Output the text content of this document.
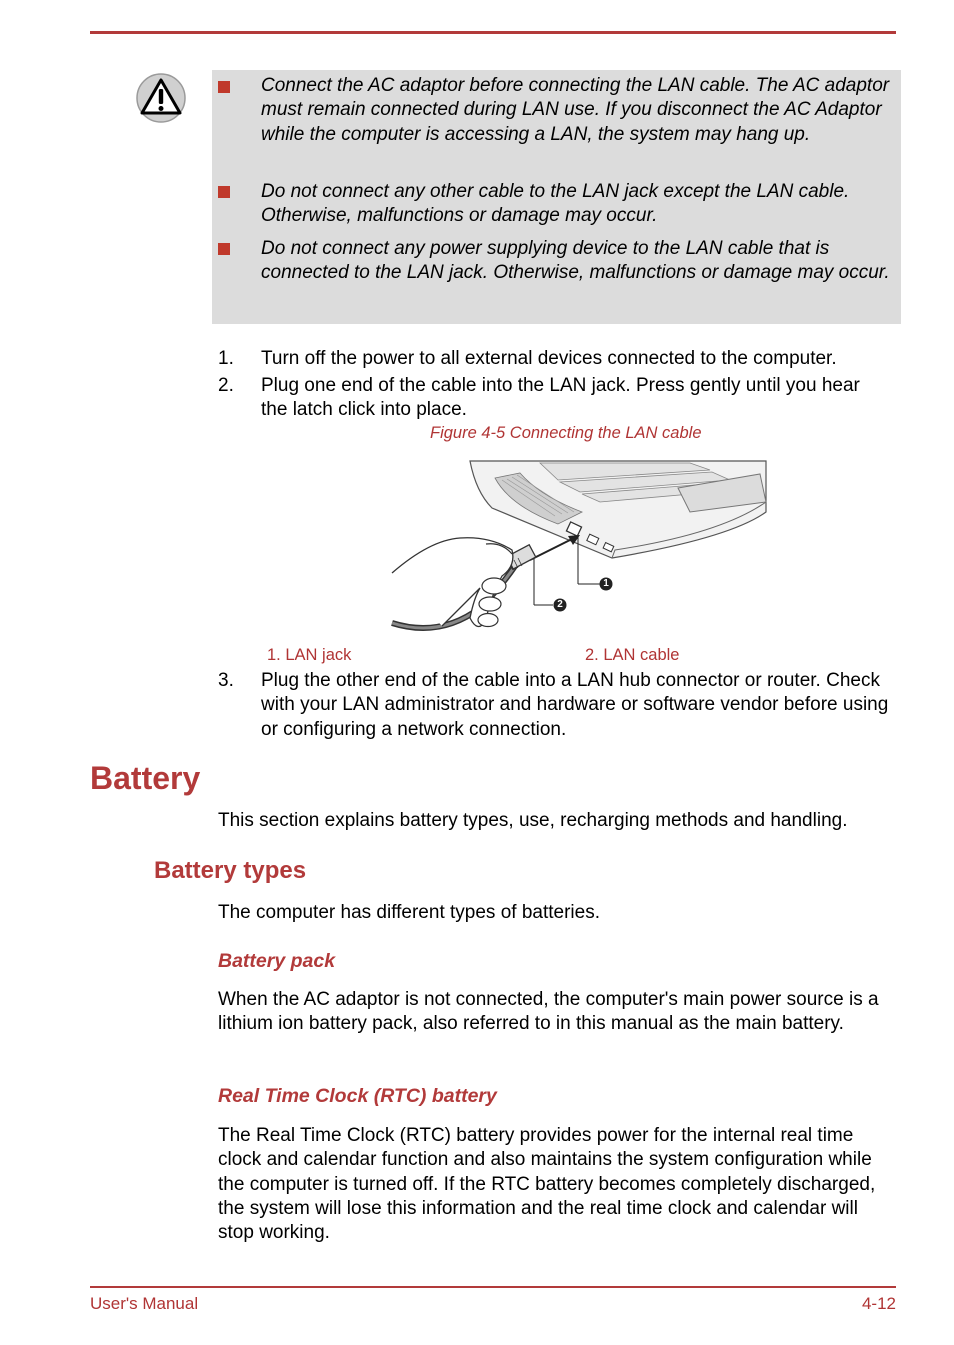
Connect the AC adaptor before connecting the LAN cable. The AC adaptor must remain connected during LAN use. If you disconnect the AC Adaptor while the computer is accessing a LAN, the system may hang up.
Do not connect any other cable to the LAN jack except the LAN cable. Otherwise, malfunctions or damage may occur.
Do not connect any power supplying device to the LAN cable that is connected to the LAN jack. Otherwise, malfunctions or damage may occur.
1. Turn off the power to all external devices connected to the computer.
2. Plug one end of the cable into the LAN jack. Press gently until you hear the latch click into place.
Figure 4-5 Connecting the LAN cable
1
2
1. LAN jack	2. LAN cable
3. Plug the other end of the cable into a LAN hub connector or router. Check with your LAN administrator and hardware or software vendor before using or configuring a network connection.
Battery
This section explains battery types, use, recharging methods and handling.
Battery types
The computer has different types of batteries.
Battery pack
When the AC adaptor is not connected, the computer's main power source is a lithium ion battery pack, also referred to in this manual as the main battery.
Real Time Clock (RTC) battery
The Real Time Clock (RTC) battery provides power for the internal real time clock and calendar function and also maintains the system configuration while the computer is turned off. If the RTC battery becomes completely discharged, the system will lose this information and the real time clock and calendar will stop working.
User's Manual	4-12
